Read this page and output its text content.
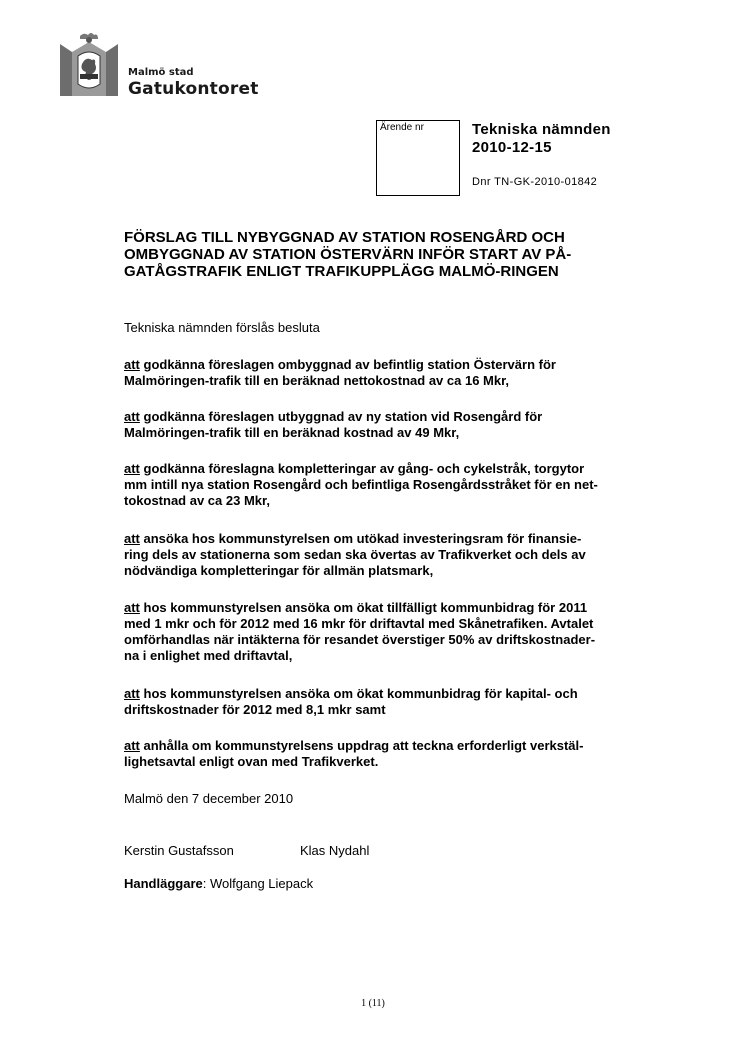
Malmö stad
Gatukontoret
Ärende nr	Tekniska nämnden
2010-12-15
Dnr TN-GK-2010-01842
FÖRSLAG TILL NYBYGGNAD AV STATION ROSENGÅRD OCH
OMBYGGNAD AV STATION ÖSTERVÄRN INFÖR START AV PÅ-
GATÅGSTRAFIK ENLIGT TRAFIKUPPLÄGG MALMÖ-RINGEN
Tekniska nämnden förslås besluta
att godkänna föreslagen ombyggnad av befintlig station Östervärn för
Malmöringen-trafik till en beräknad nettokostnad av ca 16 Mkr,
att godkänna föreslagen utbyggnad av ny station vid Rosengård för
Malmöringen-trafik till en beräknad kostnad av 49 Mkr,
att godkänna föreslagna kompletteringar av gång- och cykelstråk, torgytor
mm intill nya station Rosengård och befintliga Rosengårdsstråket för en net-
tokostnad av ca 23 Mkr,
att ansöka hos kommunstyrelsen om utökad investeringsram för finansie-
ring dels av stationerna som sedan ska övertas av Trafikverket och dels av
nödvändiga kompletteringar för allmän platsmark,
att hos kommunstyrelsen ansöka om ökat tillfälligt kommunbidrag för 2011
med 1 mkr och för 2012 med 16 mkr för driftavtal med Skånetrafiken. Avtalet
omförhandlas när intäkterna för resandet överstiger 50% av driftskostnader-
na i enlighet med driftavtal,
att hos kommunstyrelsen ansöka om ökat kommunbidrag för kapital- och
driftskostnader för 2012 med 8,1 mkr samt
att anhålla om kommunstyrelsens uppdrag att teckna erforderligt verkstäl-
lighetsavtal enligt ovan med Trafikverket.
Malmö den 7 december 2010
Kerstin Gustafsson	Klas Nydahl
Handläggare: Wolfgang Liepack
1 (11)
